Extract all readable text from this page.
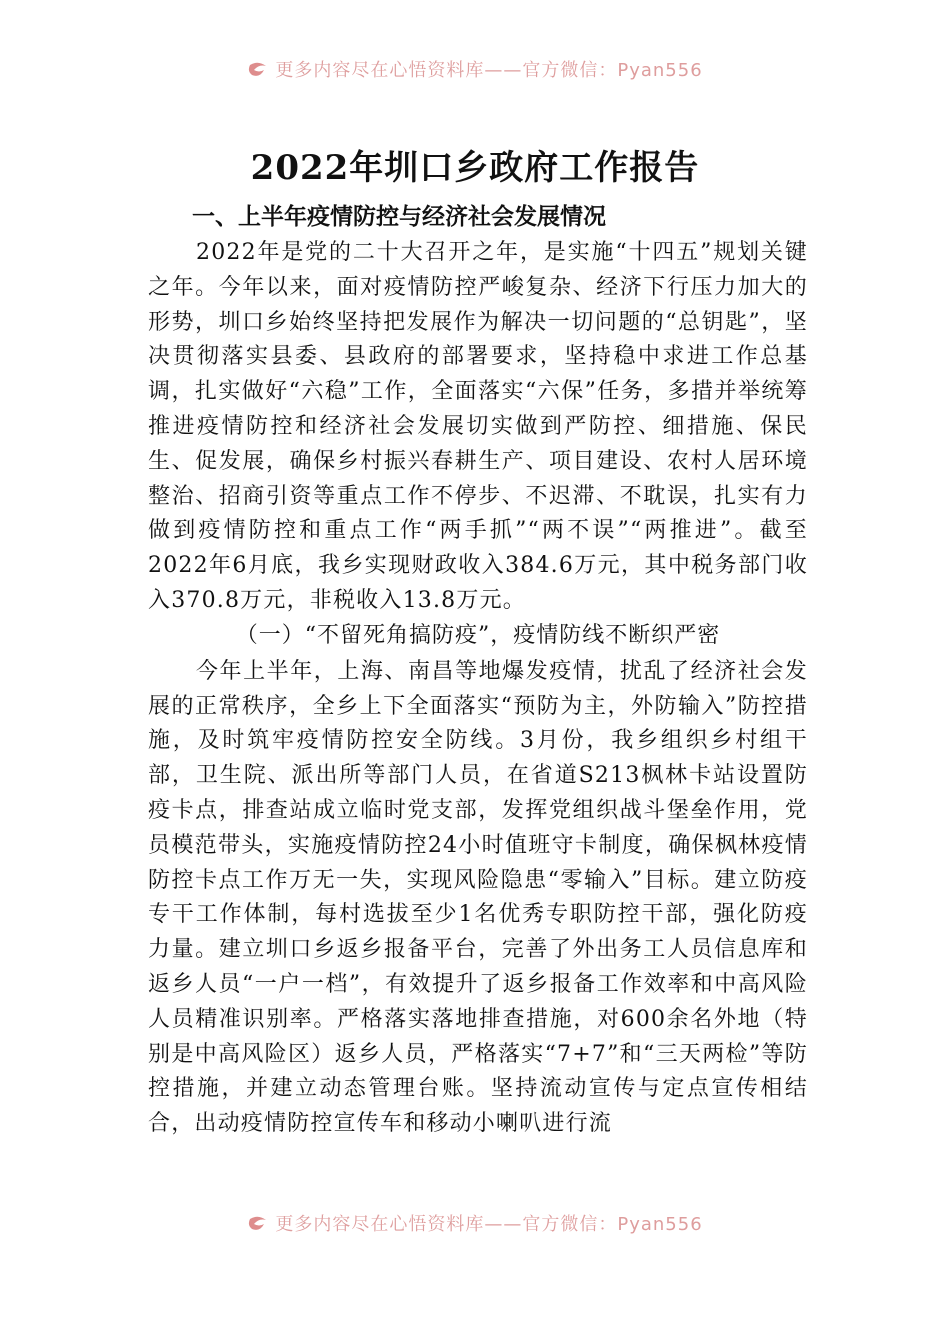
更多内容尽在心悟资料库——官方微信：Pyan556
2022年圳口乡政府工作报告

一、上半年疫情防控与经济社会发展情况

2022年是党的二十大召开之年，是实施“十四五”规划关键之年。今年以来，面对疫情防控严峻复杂、经济下行压力加大的形势，圳口乡始终坚持把发展作为解决一切问题的“总钥匙”，坚决贯彻落实县委、县政府的部署要求，坚持稳中求进工作总基调，扎实做好“六稳”工作，全面落实“六保”任务，多措并举统筹推进疫情防控和经济社会发展切实做到严防控、细措施、保民生、促发展，确保乡村振兴春耕生产、项目建设、农村人居环境整治、招商引资等重点工作不停步、不迟滞、不耽误，扎实有力做到疫情防控和重点工作“两手抓”“两不误”“两推进”。截至2022年6月底，我乡实现财政收入384.6万元，其中税务部门收入370.8万元，非税收入13.8万元。

（一）“不留死角搞防疫”，疫情防线不断织严密

今年上半年，上海、南昌等地爆发疫情，扰乱了经济社会发展的正常秩序，全乡上下全面落实“预防为主，外防输入”防控措施，及时筑牢疫情防控安全防线。3月份，我乡组织乡村组干部，卫生院、派出所等部门人员，在省道S213枫林卡站设置防疫卡点，排查站成立临时党支部，发挥党组织战斗堡垒作用，党员模范带头，实施疫情防控24小时值班守卡制度，确保枫林疫情防控卡点工作万无一失，实现风险隐患“零输入”目标。建立防疫专干工作体制，每村选拔至少1名优秀专职防控干部，强化防疫力量。建立圳口乡返乡报备平台，完善了外出务工人员信息库和返乡人员“一户一档”，有效提升了返乡报备工作效率和中高风险人员精准识别率。严格落实落地排查措施，对600余名外地（特别是中高风险区）返乡人员，严格落实“7+7”和“三天两检”等防控措施，并建立动态管理台账。坚持流动宣传与定点宣传相结合，出动疫情防控宣传车和移动小喇叭进行流

更多内容尽在心悟资料库——官方微信：Pyan556
